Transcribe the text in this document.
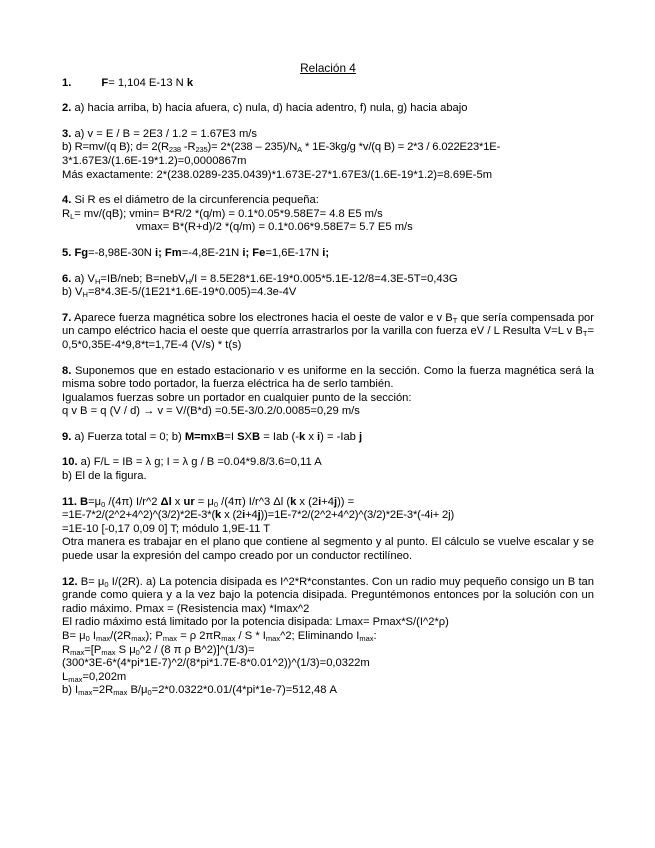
Relación 4

1.	F= 1,104 E-13 N k

2. a) hacia arriba, b) hacia afuera, c) nula, d) hacia adentro, f) nula, g) hacia abajo

3. a) v = E / B = 2E3 / 1.2 = 1.67E3 m/s

b) R=mv/(q B); $d= 2(R_{238}$ $-R_{235})= 2*(238 - 235)/N_A * 1E-3kg/g$ *v/(q B) = 2*3 / 6.022E23*1E-

3*1.67E3/(1.6E-19*1.2)=0,0000867m

Más exactamente: 2*(238.0289-235.0439)*1.673E-27*1.67E3/(1.6E-19*1.2)=8.69E-5m

4. Si R es el diámetro de la circunferencia pequeña:

$R_L= mv/(qB)$; vmin= B*R/2 *(q/m) = 0.1*0.05*9.58E7= 4.8 E5 m/s

vmax= B*(R+d)/2 *(q/m) = 0.1*0.06*9.58E7= 5.7 E5 m/s

5. Fg=-8,98E-30N i; Fm=-4,8E-21N i; Fe=1,6E-17N i;

6. a) $V_H=IB$/neb; B=nebV$_H$/I = 8.5E28*1.6E-19*0.005*5.1E-12/8=4.3E-5T=0,43G

b) $V_H=8*4.3E-5/(1E21*1.6E-19*0.005)=4.3e-4V$

7. Aparece fuerza magnética sobre los electrones hacia el oeste de valor e v $B_T$ que sería compensada por un campo eléctrico hacia el oeste que querría arrastrarlos por la varilla con fuerza eV / L Resulta V=L v $B_T= 0,5*0,35E-4*9,8*t=1,7E-4$ (V/s) * t(s)

8. Suponemos que en estado estacionario v es uniforme en la sección. Como la fuerza magnética será la misma sobre todo portador, la fuerza eléctrica ha de serlo también.

Igualamos fuerzas sobre un portador en cualquier punto de la sección:

q v B = q (V / d) → v = V/(B*d) =0.5E-3/0.2/0.0085=0,29 m/s

9. a) Fuerza total = 0; b) M=mxB=I SXB = Iab (-k x i) = -Iab j

10. a) F/L = IB = λ g; I = λ g / B =0.04*9.8/3.6=0,11 A

b) El de la figura.

11. $B=\mu_0$ /(4π) I/r^2 Δl x ur = $\mu_0$ /(4π) I/r^3 Δl (k x (2i+4j)) =

=1E-7*2/(2^2+4^2)^(3/2)*2E-3*(k x (2i+4j))=1E-7*2/(2^2+4^2)^(3/2)*2E-3*(-4i+ 2j)

=1E-10 [-0,17 0,09 0] T; módulo 1,9E-11 T

Otra manera es trabajar en el plano que contiene al segmento y al punto. El cálculo se vuelve escalar y se puede usar la expresión del campo creado por un conductor rectilíneo.

12. $B= \mu_0$ I/(2R). a) La potencia disipada es I^2*R*constantes. Con un radio muy pequeño consigo un B tan grande como quiera y a la vez bajo la potencia disipada. Preguntémonos entonces por la solución con un radio máximo. Pmax = (Resistencia max) *Imax^2

El radio máximo está limitado por la potencia disipada: Lmax= Pmax*S/(I^2*ρ)

$B= \mu_0$ $I_{max}/(2R_{max})$; $P_{max} = \rho$ $2\pi R_{max}$ / S * $I_{max}\^{}2$; Eliminando $I_{max}$:

$R_{max}=[P_{max}$ S $\mu_0\^{}2 / (8$ π ρ B^2)]^(1/3)=

(300*3E-6*(4*pi*1E-7)^2/(8*pi*1.7E-8*0.01^2))^(1/3)=0,0322m

$L_{max}=0,202m$

b) $I_{max}=2R_{max}$ $B/\mu_0=2*0.0322*0.01/(4*pi*1e-7)=512,48$ A
